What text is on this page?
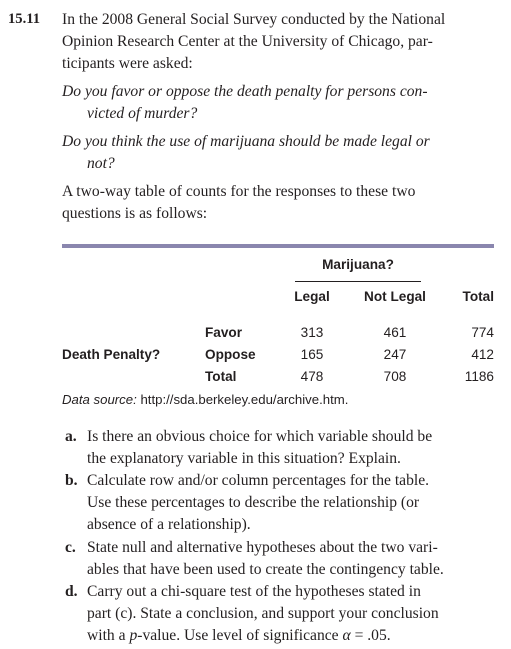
15.11 In the 2008 General Social Survey conducted by the National
Opinion Research Center at the University of Chicago, par-
ticipants were asked:
Do you favor or oppose the death penalty for persons con-
victed of murder?
Do you think the use of marijuana should be made legal or
not?
A two-way table of counts for the responses to these two
questions is as follows:
Marijuana?
Legal	Not Legal	Total
Death Penalty?
Favor	313	461	774
Oppose	165	247	412
Total	478	708	1186
Data source: http://sda.berkeley.edu/archive.htm.
a. Is there an obvious choice for which variable should be
the explanatory variable in this situation? Explain.
b. Calculate row and/or column percentages for the table.
Use these percentages to describe the relationship (or
absence of a relationship).
c. State null and alternative hypotheses about the two vari-
ables that have been used to create the contingency table.
d. Carry out a chi-square test of the hypotheses stated in
part (c). State a conclusion, and support your conclusion
with a p-value. Use level of significance α = .05.
